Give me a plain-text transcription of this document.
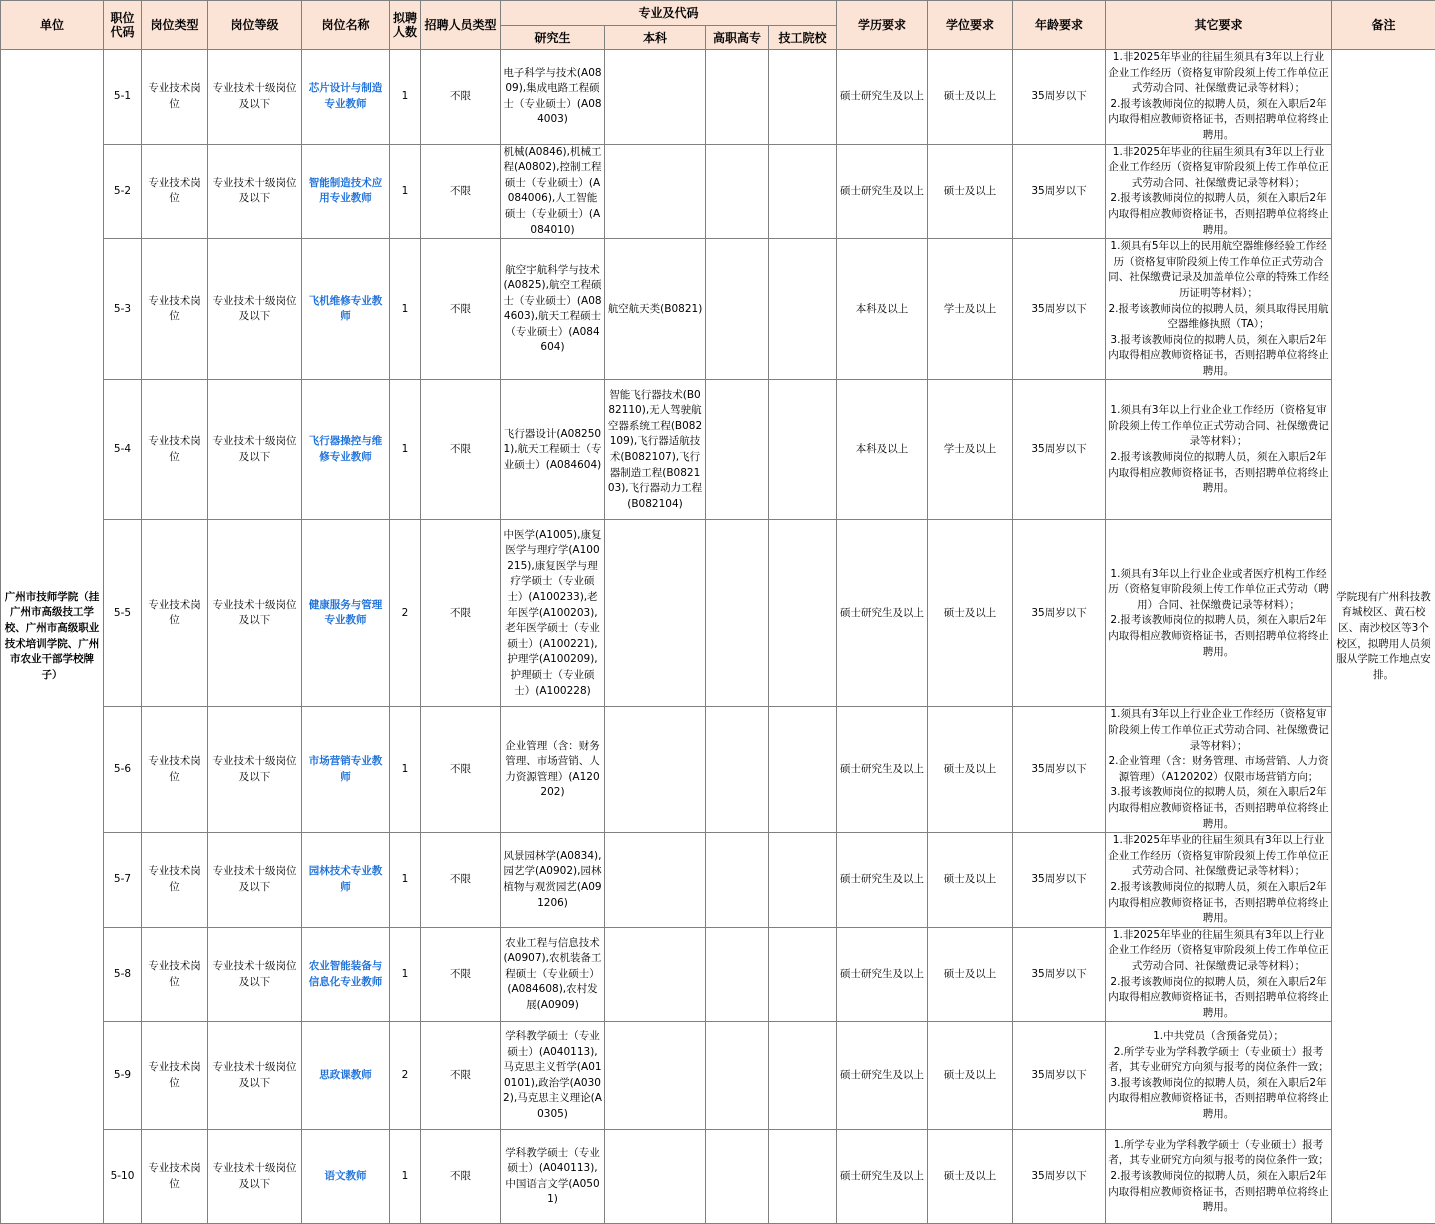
单位	职位代码	岗位类型	岗位等级	岗位名称	拟聘人数	招聘人员类型	专业及代码				学历要求	学位要求	年龄要求	其它要求	备注
							研究生	本科	高职高专	技工院校					
广州市技师学院（挂广州市高级技工学校、广州市高级职业技术培训学院、广州市农业干部学校牌子）	5-1	专业技术岗位	专业技术十级岗位及以下	芯片设计与制造专业教师	1	不限	电子科学与技术(A0809),集成电路工程硕士（专业硕士）(A084003)				硕士研究生及以上	硕士及以上	35周岁以下	1.非2025年毕业的往届生须具有3年以上行业企业工作经历（资格复审阶段须上传工作单位正式劳动合同、社保缴费记录等材料）；
2.报考该教师岗位的拟聘人员，须在入职后2年内取得相应教师资格证书，否则招聘单位将终止聘用。	学院现有广州科技教育城校区、黄石校区、南沙校区等3个校区，拟聘用人员须服从学院工作地点安排。
	5-2	专业技术岗位	专业技术十级岗位及以下	智能制造技术应用专业教师	1	不限	机械(A0846),机械工程(A0802),控制工程硕士（专业硕士）(A084006),人工智能硕士（专业硕士）(A084010)				硕士研究生及以上	硕士及以上	35周岁以下	1.非2025年毕业的往届生须具有3年以上行业企业工作经历（资格复审阶段须上传工作单位正式劳动合同、社保缴费记录等材料）；
2.报考该教师岗位的拟聘人员，须在入职后2年内取得相应教师资格证书，否则招聘单位将终止聘用。	
	5-3	专业技术岗位	专业技术十级岗位及以下	飞机维修专业教师	1	不限	航空宇航科学与技术(A0825),航空工程硕士（专业硕士）(A084603),航天工程硕士（专业硕士）(A084604)	航空航天类(B0821)			本科及以上	学士及以上	35周岁以下	1.须具有5年以上的民用航空器维修经验工作经历（资格复审阶段须上传工作单位正式劳动合同、社保缴费记录及加盖单位公章的特殊工作经历证明等材料）；
2.报考该教师岗位的拟聘人员，须具取得民用航空器维修执照（TA）；
3.报考该教师岗位的拟聘人员，须在入职后2年内取得相应教师资格证书，否则招聘单位将终止聘用。	
	5-4	专业技术岗位	专业技术十级岗位及以下	飞行器操控与维修专业教师	1	不限	飞行器设计(A082501),航天工程硕士（专业硕士）(A084604)	智能飞行器技术(B082110),无人驾驶航空器系统工程(B082109),飞行器适航技术(B082107),飞行器制造工程(B082103),飞行器动力工程(B082104)			本科及以上	学士及以上	35周岁以下	1.须具有3年以上行业企业工作经历（资格复审阶段须上传工作单位正式劳动合同、社保缴费记录等材料）；
2.报考该教师岗位的拟聘人员，须在入职后2年内取得相应教师资格证书，否则招聘单位将终止聘用。	
	5-5	专业技术岗位	专业技术十级岗位及以下	健康服务与管理专业教师	2	不限	中医学(A1005),康复医学与理疗学(A100215),康复医学与理疗学硕士（专业硕士）(A100233),老年医学(A100203),老年医学硕士（专业硕士）(A100221),护理学(A100209),护理硕士（专业硕士）(A100228)				硕士研究生及以上	硕士及以上	35周岁以下	1.须具有3年以上行业企业或者医疗机构工作经历（资格复审阶段须上传工作单位正式劳动（聘用）合同、社保缴费记录等材料）；
2.报考该教师岗位的拟聘人员，须在入职后2年内取得相应教师资格证书，否则招聘单位将终止聘用。	
	5-6	专业技术岗位	专业技术十级岗位及以下	市场营销专业教师	1	不限	企业管理（含：财务管理、市场营销、人力资源管理）(A120202)				硕士研究生及以上	硕士及以上	35周岁以下	1.须具有3年以上行业企业工作经历（资格复审阶段须上传工作单位正式劳动合同、社保缴费记录等材料）；
2.企业管理（含：财务管理、市场营销、人力资源管理）（A120202）仅限市场营销方向；
3.报考该教师岗位的拟聘人员，须在入职后2年内取得相应教师资格证书，否则招聘单位将终止聘用。	
	5-7	专业技术岗位	专业技术十级岗位及以下	园林技术专业教师	1	不限	风景园林学(A0834),园艺学(A0902),园林植物与观赏园艺(A091206)				硕士研究生及以上	硕士及以上	35周岁以下	1.非2025年毕业的往届生须具有3年以上行业企业工作经历（资格复审阶段须上传工作单位正式劳动合同、社保缴费记录等材料）；
2.报考该教师岗位的拟聘人员，须在入职后2年内取得相应教师资格证书，否则招聘单位将终止聘用。	
	5-8	专业技术岗位	专业技术十级岗位及以下	农业智能装备与信息化专业教师	1	不限	农业工程与信息技术(A0907),农机装备工程硕士（专业硕士）(A084608),农村发展(A0909)				硕士研究生及以上	硕士及以上	35周岁以下	1.非2025年毕业的往届生须具有3年以上行业企业工作经历（资格复审阶段须上传工作单位正式劳动合同、社保缴费记录等材料）；
2.报考该教师岗位的拟聘人员，须在入职后2年内取得相应教师资格证书，否则招聘单位将终止聘用。	
	5-9	专业技术岗位	专业技术十级岗位及以下	思政课教师	2	不限	学科教学硕士（专业硕士）(A040113),马克思主义哲学(A010101),政治学(A0302),马克思主义理论(A0305)				硕士研究生及以上	硕士及以上	35周岁以下	1.中共党员（含预备党员）；
2.所学专业为学科教学硕士（专业硕士）报考者，其专业研究方向须与报考的岗位条件一致；
3.报考该教师岗位的拟聘人员，须在入职后2年内取得相应教师资格证书，否则招聘单位将终止聘用。	
	5-10	专业技术岗位	专业技术十级岗位及以下	语文教师	1	不限	学科教学硕士（专业硕士）(A040113),中国语言文学(A0501)				硕士研究生及以上	硕士及以上	35周岁以下	1.所学专业为学科教学硕士（专业硕士）报考者，其专业研究方向须与报考的岗位条件一致；
2.报考该教师岗位的拟聘人员，须在入职后2年内取得相应教师资格证书，否则招聘单位将终止聘用。	
